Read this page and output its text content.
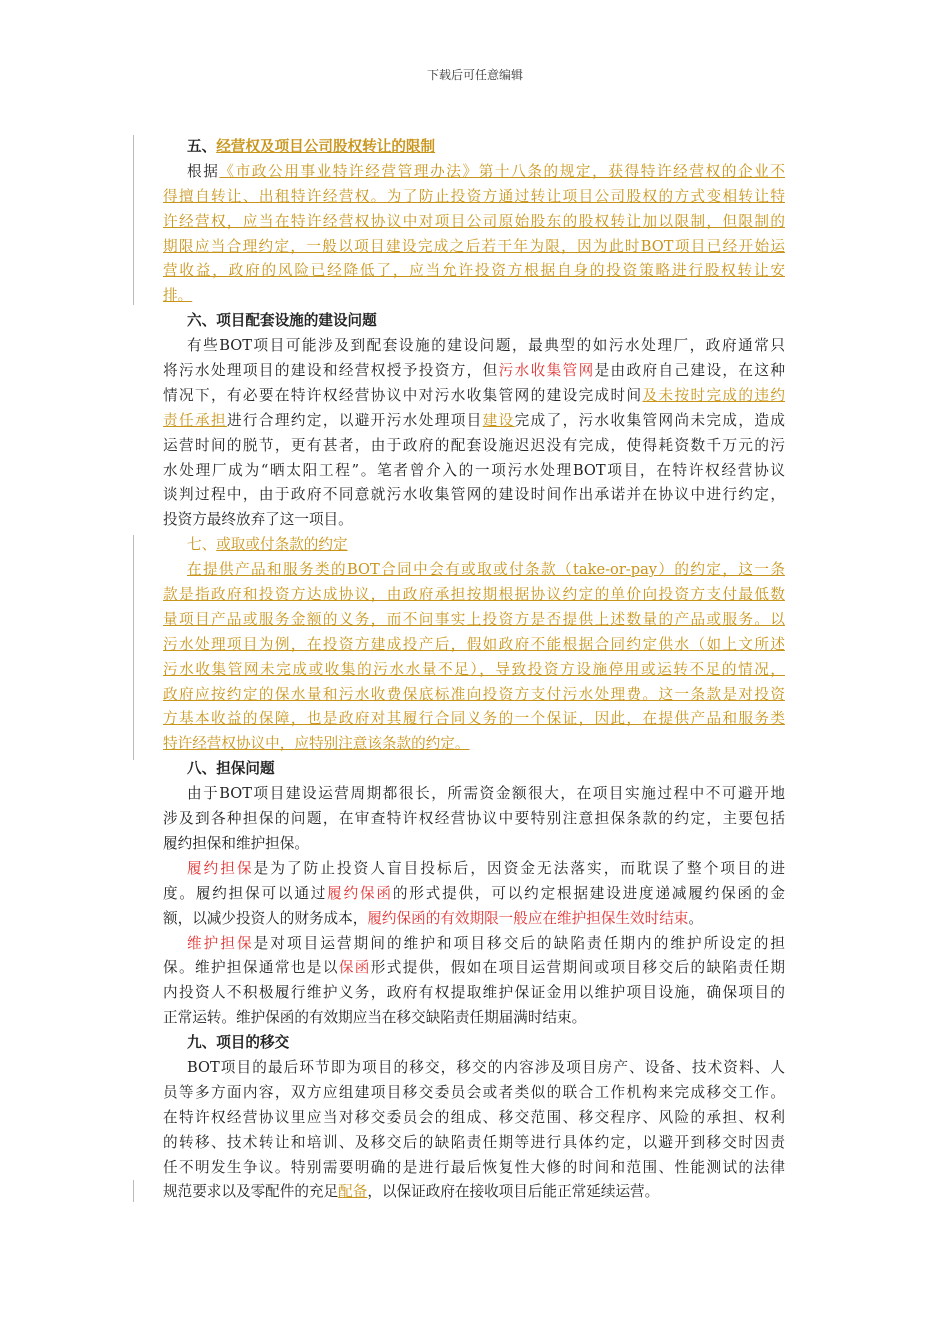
下载后可任意编辑
五、经营权及项目公司股权转让的限制
根据《市政公用事业特许经营管理办法》第十八条的规定，获得特许经营权的企业不
得擅自转让、出租特许经营权。为了防止投资方通过转让项目公司股权的方式变相转让特
许经营权，应当在特许经营权协议中对项目公司原始股东的股权转让加以限制，但限制的
期限应当合理约定，一般以项目建设完成之后若干年为限，因为此时BOT项目已经开始运
营收益，政府的风险已经降低了，应当允许投资方根据自身的投资策略进行股权转让安
排。
六、项目配套设施的建设问题
有些BOT项目可能涉及到配套设施的建设问题，最典型的如污水处理厂，政府通常只
将污水处理项目的建设和经营权授予投资方，但污水收集管网是由政府自己建设，在这种
情况下，有必要在特许权经营协议中对污水收集管网的建设完成时间及未按时完成的违约
责任承担进行合理约定，以避开污水处理项目建设完成了，污水收集管网尚未完成，造成
运营时间的脱节，更有甚者，由于政府的配套设施迟迟没有完成，使得耗资数千万元的污
水处理厂成为“晒太阳工程”。笔者曾介入的一项污水处理BOT项目，在特许权经营协议
谈判过程中，由于政府不同意就污水收集管网的建设时间作出承诺并在协议中进行约定，
投资方最终放弃了这一项目。
七、或取或付条款的约定
在提供产品和服务类的BOT合同中会有或取或付条款（take-or-pay）的约定，这一条
款是指政府和投资方达成协议，由政府承担按期根据协议约定的单价向投资方支付最低数
量项目产品或服务金额的义务，而不问事实上投资方是否提供上述数量的产品或服务。以
污水处理项目为例，在投资方建成投产后，假如政府不能根据合同约定供水（如上文所述
污水收集管网未完成或收集的污水水量不足），导致投资方设施停用或运转不足的情况，
政府应按约定的保水量和污水收费保底标准向投资方支付污水处理费。这一条款是对投资
方基本收益的保障，也是政府对其履行合同义务的一个保证，因此，在提供产品和服务类
特许经营权协议中，应特别注意该条款的约定。
八、担保问题
由于BOT项目建设运营周期都很长，所需资金额很大，在项目实施过程中不可避开地
涉及到各种担保的问题，在审查特许权经营协议中要特别注意担保条款的约定，主要包括
履约担保和维护担保。
履约担保是为了防止投资人盲目投标后，因资金无法落实，而耽误了整个项目的进
度。履约担保可以通过履约保函的形式提供，可以约定根据建设进度递减履约保函的金
额，以减少投资人的财务成本，履约保函的有效期限一般应在维护担保生效时结束。
维护担保是对项目运营期间的维护和项目移交后的缺陷责任期内的维护所设定的担
保。维护担保通常也是以保函形式提供，假如在项目运营期间或项目移交后的缺陷责任期
内投资人不积极履行维护义务，政府有权提取维护保证金用以维护项目设施，确保项目的
正常运转。维护保函的有效期应当在移交缺陷责任期届满时结束。
九、项目的移交
BOT项目的最后环节即为项目的移交，移交的内容涉及项目房产、设备、技术资料、人
员等多方面内容，双方应组建项目移交委员会或者类似的联合工作机构来完成移交工作。
在特许权经营协议里应当对移交委员会的组成、移交范围、移交程序、风险的承担、权利
的转移、技术转让和培训、及移交后的缺陷责任期等进行具体约定，以避开到移交时因责
任不明发生争议。特别需要明确的是进行最后恢复性大修的时间和范围、性能测试的法律
规范要求以及零配件的充足配备，以保证政府在接收项目后能正常延续运营。
